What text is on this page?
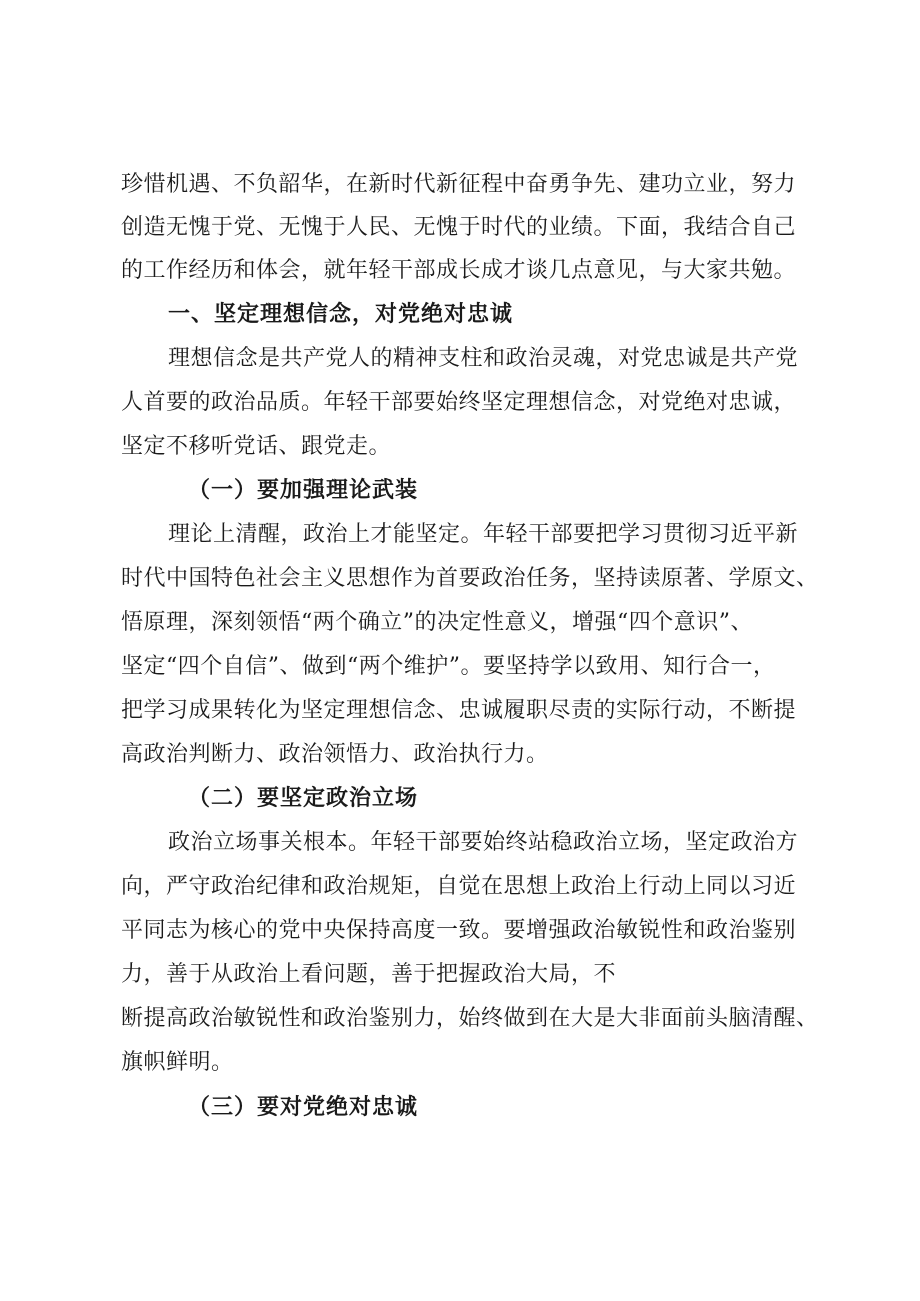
珍惜机遇、不负韶华，在新时代新征程中奋勇争先、建功立业，努力
创造无愧于党、无愧于人民、无愧于时代的业绩。下面，我结合自己
的工作经历和体会，就年轻干部成长成才谈几点意见，与大家共勉。
一、坚定理想信念，对党绝对忠诚
理想信念是共产党人的精神支柱和政治灵魂，对党忠诚是共产党
人首要的政治品质。年轻干部要始终坚定理想信念，对党绝对忠诚，
坚定不移听党话、跟党走。
（一）要加强理论武装
理论上清醒，政治上才能坚定。年轻干部要把学习贯彻习近平新
时代中国特色社会主义思想作为首要政治任务，坚持读原著、学原文、
悟原理，深刻领悟“两个确立”的决定性意义，增强“四个意识”、
坚定“四个自信”、做到“两个维护”。要坚持学以致用、知行合一，
把学习成果转化为坚定理想信念、忠诚履职尽责的实际行动，不断提
高政治判断力、政治领悟力、政治执行力。
（二）要坚定政治立场
政治立场事关根本。年轻干部要始终站稳政治立场，坚定政治方
向，严守政治纪律和政治规矩，自觉在思想上政治上行动上同以习近
平同志为核心的党中央保持高度一致。要增强政治敏锐性和政治鉴别
力，善于从政治上看问题，善于把握政治大局，不
断提高政治敏锐性和政治鉴别力，始终做到在大是大非面前头脑清醒、
旗帜鲜明。
（三）要对党绝对忠诚
